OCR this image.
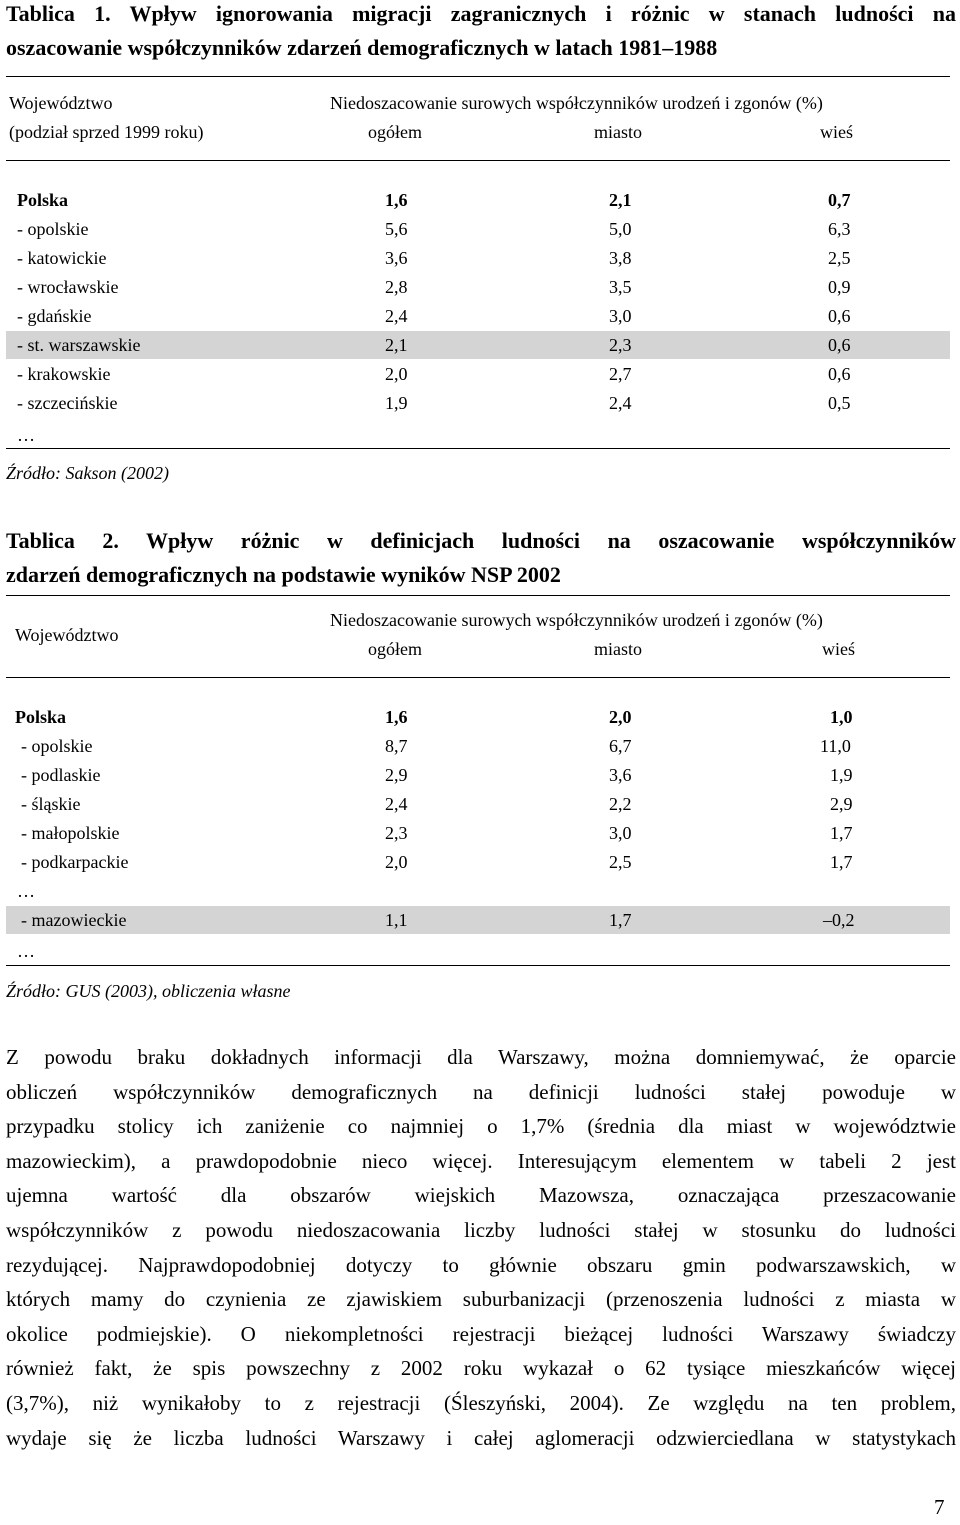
Tablica 1. Wpływ ignorowania migracji zagranicznych i różnic w stanach ludności na
oszacowanie współczynników zdarzeń demograficznych w latach 1981–1988
Województwo
(podział sprzed 1999 roku)
Niedoszacowanie surowych współczynników urodzeń i zgonów (%)
ogółem	miasto	wieś
Polska	1,6	2,1	0,7
- opolskie	5,6	5,0	6,3
- katowickie	3,6	3,8	2,5
- wrocławskie	2,8	3,5	0,9
- gdańskie	2,4	3,0	0,6
- st. warszawskie	2,1	2,3	0,6
- krakowskie	2,0	2,7	0,6
- szczecińskie	1,9	2,4	0,5
…
Źródło: Sakson (2002)
Tablica 2. Wpływ różnic w definicjach ludności na oszacowanie współczynników
zdarzeń demograficznych na podstawie wyników NSP 2002
Województwo
Niedoszacowanie surowych współczynników urodzeń i zgonów (%)
ogółem	miasto	wieś
Polska	1,6	2,0	1,0
- opolskie	8,7	6,7	11,0
- podlaskie	2,9	3,6	1,9
- śląskie	2,4	2,2	2,9
- małopolskie	2,3	3,0	1,7
- podkarpackie	2,0	2,5	1,7
…
- mazowieckie	1,1	1,7	–0,2
…
Źródło: GUS (2003), obliczenia własne
Z powodu braku dokładnych informacji dla Warszawy, można domniemywać, że oparcie
obliczeń współczynników demograficznych na definicji ludności stałej powoduje w
przypadku stolicy ich zaniżenie co najmniej o 1,7% (średnia dla miast w województwie
mazowieckim), a prawdopodobnie nieco więcej. Interesującym elementem w tabeli 2 jest
ujemna wartość dla obszarów wiejskich Mazowsza, oznaczająca przeszacowanie
współczynników z powodu niedoszacowania liczby ludności stałej w stosunku do ludności
rezydującej. Najprawdopodobniej dotyczy to głównie obszaru gmin podwarszawskich, w
których mamy do czynienia ze zjawiskiem suburbanizacji (przenoszenia ludności z miasta w
okolice podmiejskie). O niekompletności rejestracji bieżącej ludności Warszawy świadczy
również fakt, że spis powszechny z 2002 roku wykazał o 62 tysiące mieszkańców więcej
(3,7%), niż wynikałoby to z rejestracji (Śleszyński, 2004). Ze względu na ten problem,
wydaje się że liczba ludności Warszawy i całej aglomeracji odzwierciedlana w statystykach
7
